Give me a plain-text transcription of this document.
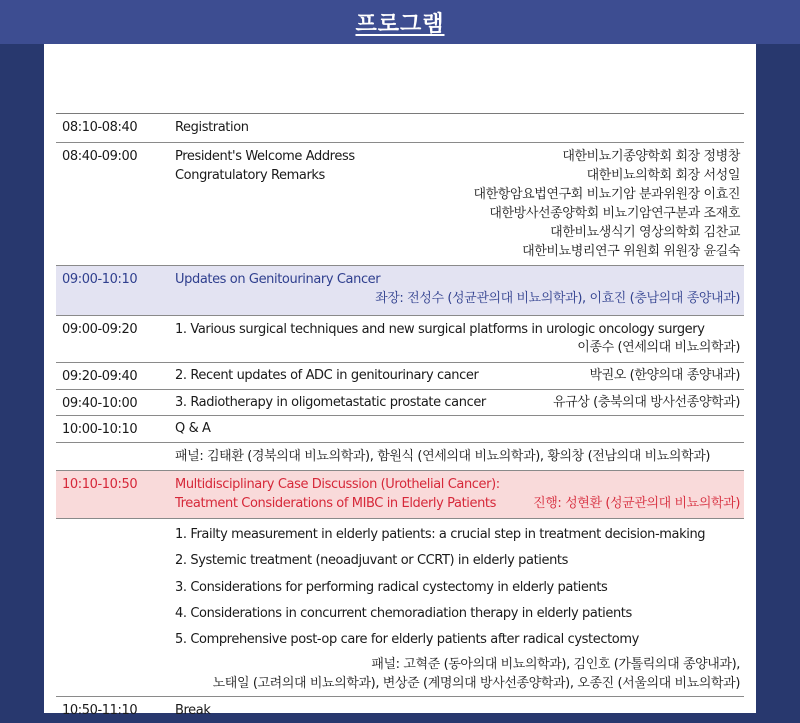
프로그램
08:10-08:40	Registration
08:40-09:00	President's Welcome Address
Congratulatory Remarks
대한비뇨기종양학회 회장 정병창
대한비뇨의학회 회장 서성일
대한항암요법연구회 비뇨기암 분과위원장 이효진
대한방사선종양학회 비뇨기암연구분과 조재호
대한비뇨생식기 영상의학회 김찬교
대한비뇨병리연구 위원회 위원장 윤길숙
09:00-10:10	Updates on Genitourinary Cancer
좌장: 전성수 (성균관의대 비뇨의학과), 이효진 (충남의대 종양내과)
09:00-09:20	1. Various surgical techniques and new surgical platforms in urologic oncology surgery
이종수 (연세의대 비뇨의학과)
09:20-09:40	2. Recent updates of ADC in genitourinary cancer	박권오 (한양의대 종양내과)
09:40-10:00	3. Radiotherapy in oligometastatic prostate cancer	유규상 (충북의대 방사선종양학과)
10:00-10:10	Q & A
패널: 김태환 (경북의대 비뇨의학과), 함원식 (연세의대 비뇨의학과), 황의창 (전남의대 비뇨의학과)
10:10-10:50	Multidisciplinary Case Discussion (Urothelial Cancer):
Treatment Considerations of MIBC in Elderly Patients	진행: 성현환 (성균관의대 비뇨의학과)
1. Frailty measurement in elderly patients: a crucial step in treatment decision-making
2. Systemic treatment (neoadjuvant or CCRT) in elderly patients
3. Considerations for performing radical cystectomy in elderly patients
4. Considerations in concurrent chemoradiation therapy in elderly patients
5. Comprehensive post-op care for elderly patients after radical cystectomy
패널: 고혁준 (동아의대 비뇨의학과), 김인호 (가톨릭의대 종양내과),
노태일 (고려의대 비뇨의학과), 변상준 (계명의대 방사선종양학과), 오종진 (서울의대 비뇨의학과)
10:50-11:10	Break
